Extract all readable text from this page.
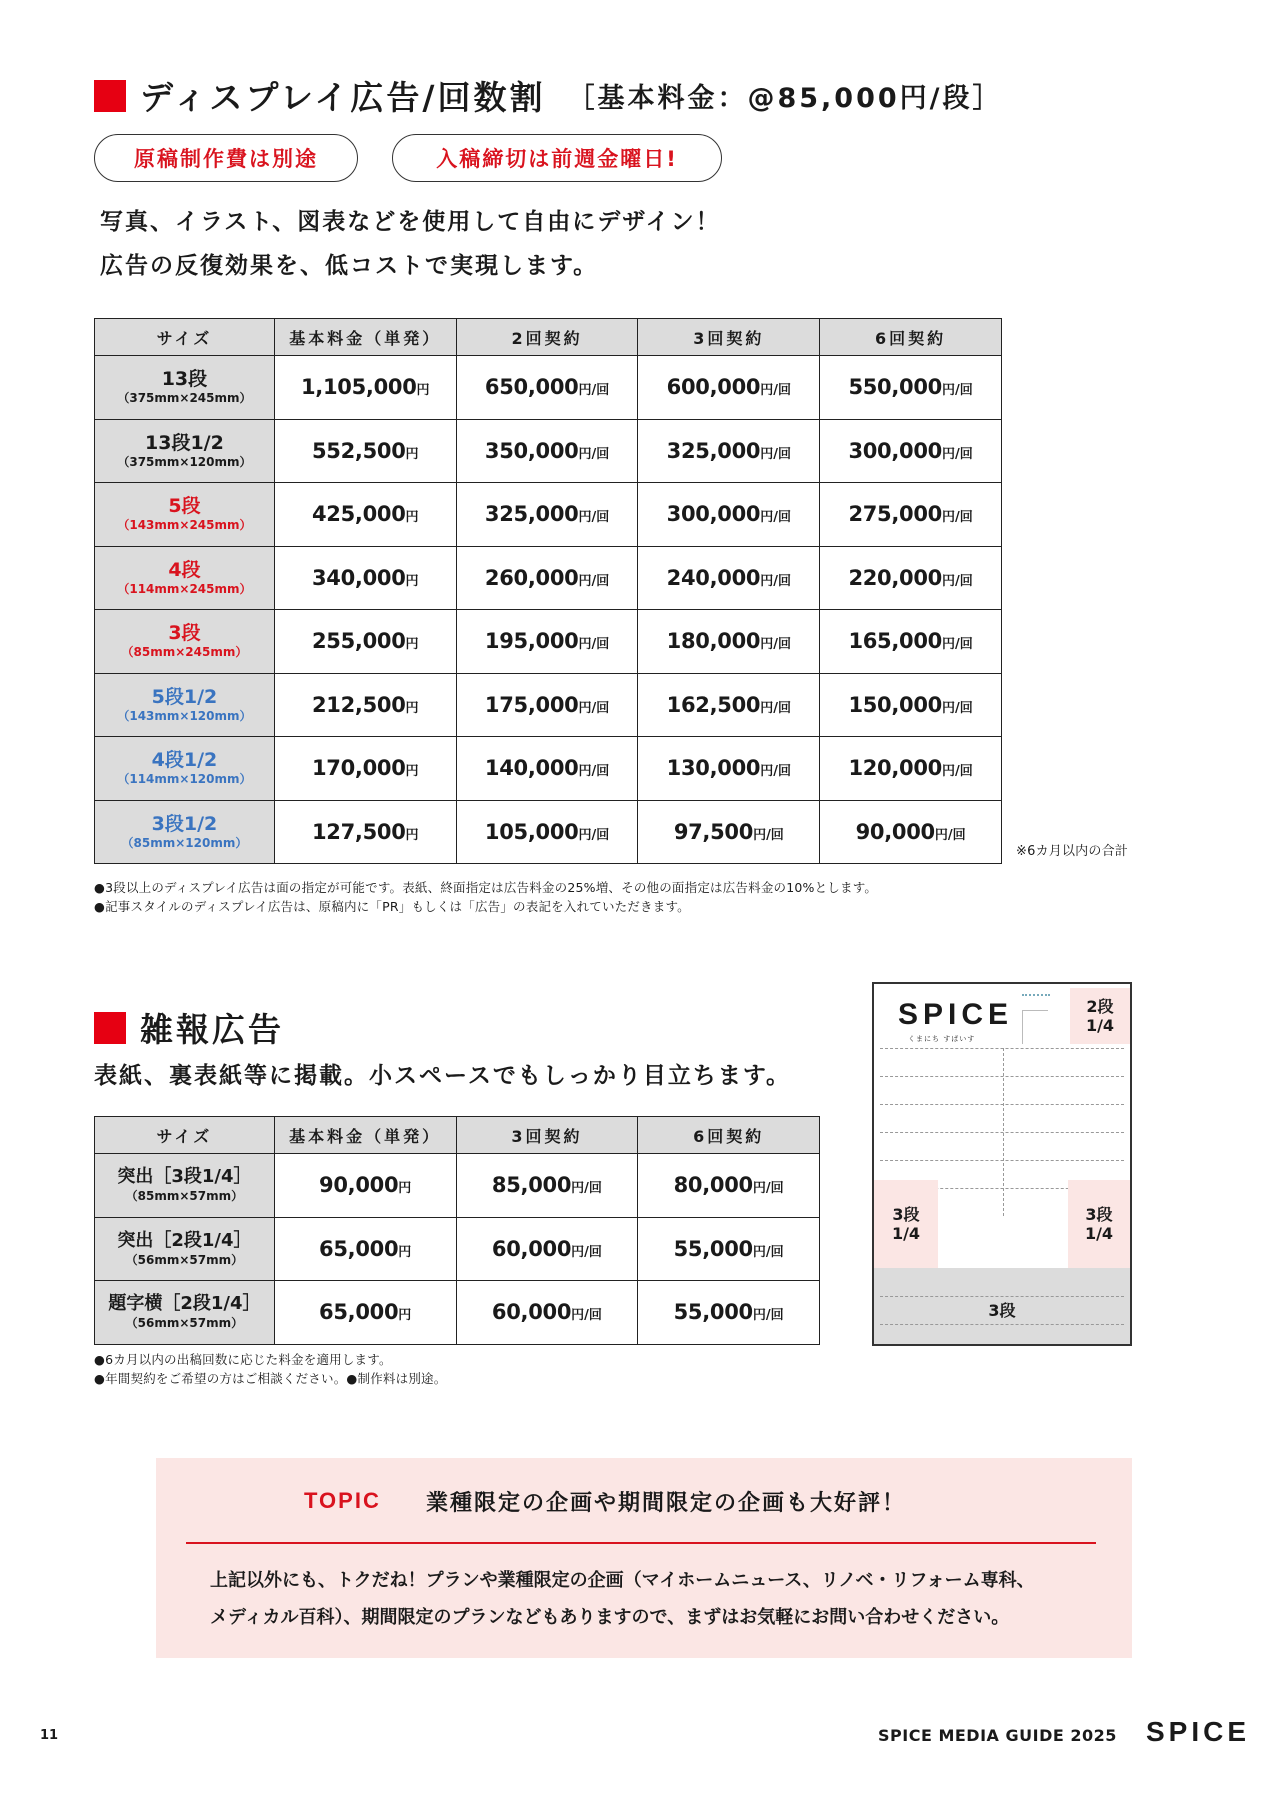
ディスプレイ広告/回数割 ［基本料金：@85,000円/段］
原稿制作費は別途	入稿締切は前週金曜日!
写真、イラスト、図表などを使用して自由にデザイン！
広告の反復効果を、低コストで実現します。
サイズ	基本料金（単発）	2回契約	3回契約	6回契約

13段
（375mm×245mm）	1,105,000円	650,000円/回	600,000円/回	550,000円/回

13段1/2
（375mm×120mm）	552,500円	350,000円/回	325,000円/回	300,000円/回

5段
（143mm×245mm）	425,000円	325,000円/回	300,000円/回	275,000円/回

4段
（114mm×245mm）	340,000円	260,000円/回	240,000円/回	220,000円/回

3段
（85mm×245mm）	255,000円	195,000円/回	180,000円/回	165,000円/回

5段1/2
（143mm×120mm）	212,500円	175,000円/回	162,500円/回	150,000円/回

4段1/2
（114mm×120mm）	170,000円	140,000円/回	130,000円/回	120,000円/回

3段1/2
（85mm×120mm）	127,500円	105,000円/回	97,500円/回	90,000円/回
※6カ月以内の合計
●3段以上のディスプレイ広告は面の指定が可能です。表紙、終面指定は広告料金の25%増、その他の面指定は広告料金の10%とします。
●記事スタイルのディスプレイ広告は、原稿内に「PR」もしくは「広告」の表記を入れていただきます。
雑報広告
表紙、裏表紙等に掲載。小スペースでもしっかり目立ちます。
サイズ	基本料金（単発）	3回契約	6回契約

突出［3段1/4］
（85mm×57mm）	90,000円	85,000円/回	80,000円/回

突出［2段1/4］
（56mm×57mm）	65,000円	60,000円/回	55,000円/回

題字横［2段1/4］
（56mm×57mm）	65,000円	60,000円/回	55,000円/回
●6カ月以内の出稿回数に応じた料金を適用します。
●年間契約をご希望の方はご相談ください。●制作料は別途。
SPICE
くまにち すぱいす
2段
1/4
3段
1/4
3段
1/4
3段
TOPIC 業種限定の企画や期間限定の企画も大好評！
上記以外にも、トクだね！プランや業種限定の企画（マイホームニュース、リノベ・リフォーム専科、
メディカル百科）、期間限定のプランなどもありますので、まずはお気軽にお問い合わせください。
11	SPICE MEDIA GUIDE 2025 SPICE
